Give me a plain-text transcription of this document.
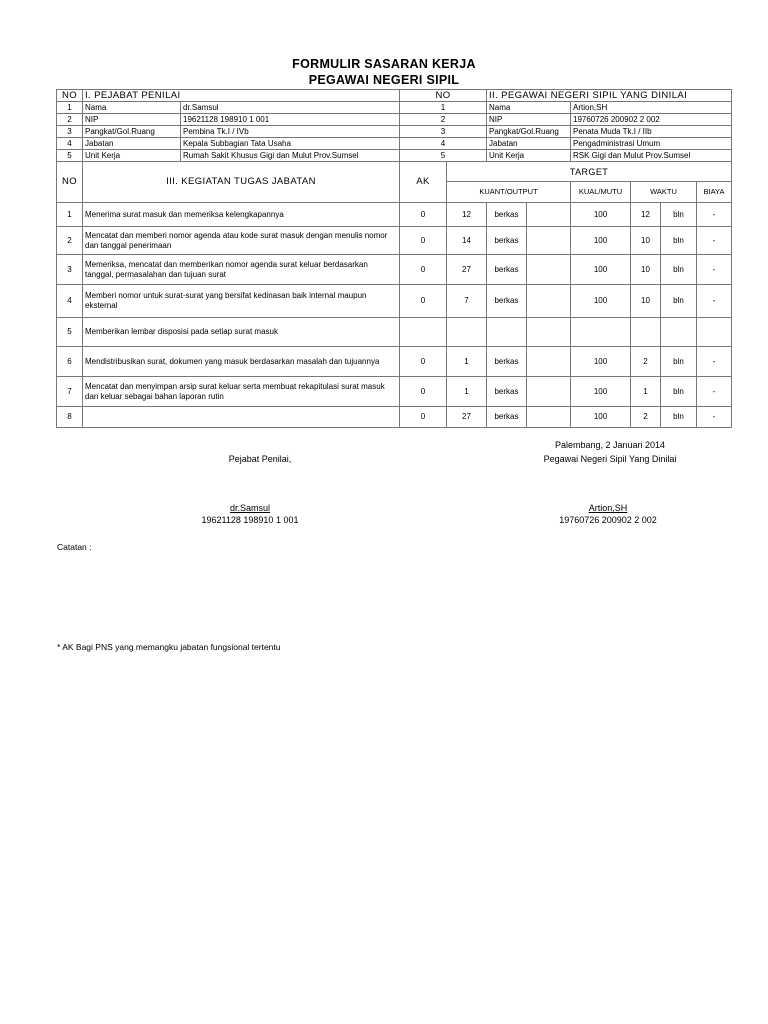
FORMULIR SASARAN KERJA
PEGAWAI NEGERI SIPIL
NO	I. PEJABAT PENILAI		NO		II. PEGAWAI NEGERI SIPIL YANG DINILAI					
1	Nama	dr.Samsul	1		Nama		Artion,SH			
2	NIP	19621128 198910 1 001	2		NIP		19760726 200902 2 002			
3	Pangkat/Gol.Ruang	Pembina Tk.I / IVb	3		Pangkat/Gol.Ruang		Penata Muda Tk.I / IIb			
4	Jabatan	Kepala Subbagian Tata Usaha	4		Jabatan		Pengadministrasi Umum			
5	Unit Kerja	Rumah Sakit Khusus Gigi dan Mulut Prov.Sumsel	5		Unit Kerja		RSK Gigi dan Mulut Prov.Sumsel			
NO	III. KEGIATAN TUGAS JABATAN		AK	TARGET						
				KUANT/OUTPUT			KUAL/MUTU	WAKTU		BIAYA
1	Menerima surat masuk dan memeriksa kelengkapannya		0	12	berkas		100	12	bln	-
2	Mencatat dan memberi nomor agenda atau kode surat masuk dengan menulis nomor dan tanggal penerimaan		0	14	berkas		100	10	bln	-
3	Memeriksa, mencatat dan memberikan nomor agenda surat keluar berdasarkan tanggal, permasalahan dan tujuan surat		0	27	berkas		100	10	bln	-
4	Memberi nomor untuk surat-surat yang bersifat kedinasan baik internal maupun eksternal		0	7	berkas		100	10	bln	-
5	Memberikan lembar disposisi pada setiap surat masuk									
6	Mendistribusikan surat, dokumen yang masuk berdasarkan masalah dan tujuannya		0	1	berkas		100	2	bln	-
7	Mencatat dan menyimpan arsip surat keluar serta membuat rekapitulasi surat masuk dan keluar sebagai bahan laporan rutin		0	1	berkas		100	1	bln	-
8			0	27	berkas		100	2	bln	-
Palembang, 2 Januari 2014
Pejabat Penilai,	Pegawai Negeri Sipil Yang Dinilai
dr.Samsul
19621128 198910 1 001
Artion,SH
19760726 200902 2 002
Catatan :
* AK Bagi PNS yang memangku jabatan fungsional tertentu
